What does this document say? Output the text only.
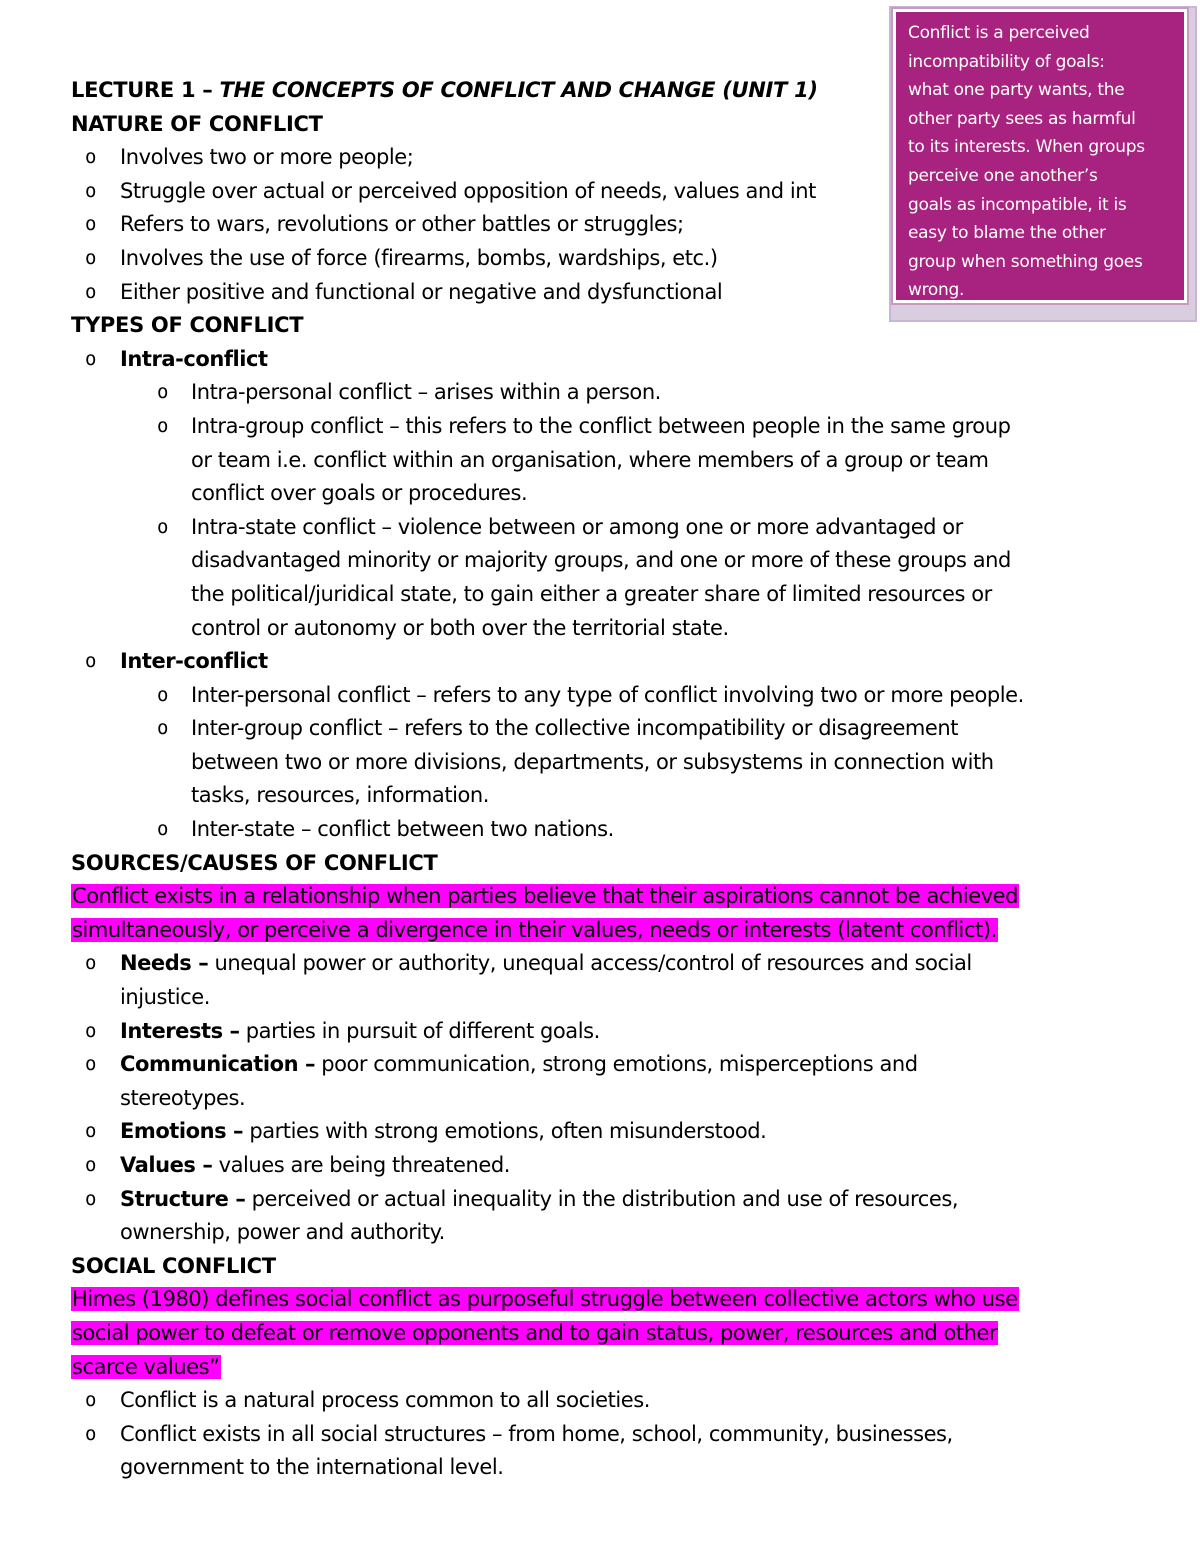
LECTURE 1 – THE CONCEPTS OF CONFLICT AND CHANGE (UNIT 1)
NATURE OF CONFLICT
o Involves two or more people;
o Struggle over actual or perceived opposition of needs, values and int
o Refers to wars, revolutions or other battles or struggles;
o Involves the use of force (firearms, bombs, wardships, etc.)
o Either positive and functional or negative and dysfunctional
TYPES OF CONFLICT
o Intra-conflict
o Intra-personal conflict – arises within a person.
o Intra-group conflict – this refers to the conflict between people in the same group
or team i.e. conflict within an organisation, where members of a group or team
conflict over goals or procedures.
o Intra-state conflict – violence between or among one or more advantaged or
disadvantaged minority or majority groups, and one or more of these groups and
the political/juridical state, to gain either a greater share of limited resources or
control or autonomy or both over the territorial state.
o Inter-conflict
o Inter-personal conflict – refers to any type of conflict involving two or more people.
o Inter-group conflict – refers to the collective incompatibility or disagreement
between two or more divisions, departments, or subsystems in connection with
tasks, resources, information.
o Inter-state – conflict between two nations.
SOURCES/CAUSES OF CONFLICT
Conflict exists in a relationship when parties believe that their aspirations cannot be achieved
simultaneously, or perceive a divergence in their values, needs or interests (latent conflict).
o Needs – unequal power or authority, unequal access/control of resources and social
injustice.
o Interests – parties in pursuit of different goals.
o Communication – poor communication, strong emotions, misperceptions and
stereotypes.
o Emotions – parties with strong emotions, often misunderstood.
o Values – values are being threatened.
o Structure – perceived or actual inequality in the distribution and use of resources,
ownership, power and authority.
SOCIAL CONFLICT
Himes (1980) defines social conflict as purposeful struggle between collective actors who use
social power to defeat or remove opponents and to gain status, power, resources and other
scarce values”
o Conflict is a natural process common to all societies.
o Conflict exists in all social structures – from home, school, community, businesses,
government to the international level.
Conflict is a perceived
incompatibility of goals:
what one party wants, the
other party sees as harmful
to its interests. When groups
perceive one another’s
goals as incompatible, it is
easy to blame the other
group when something goes
wrong.
